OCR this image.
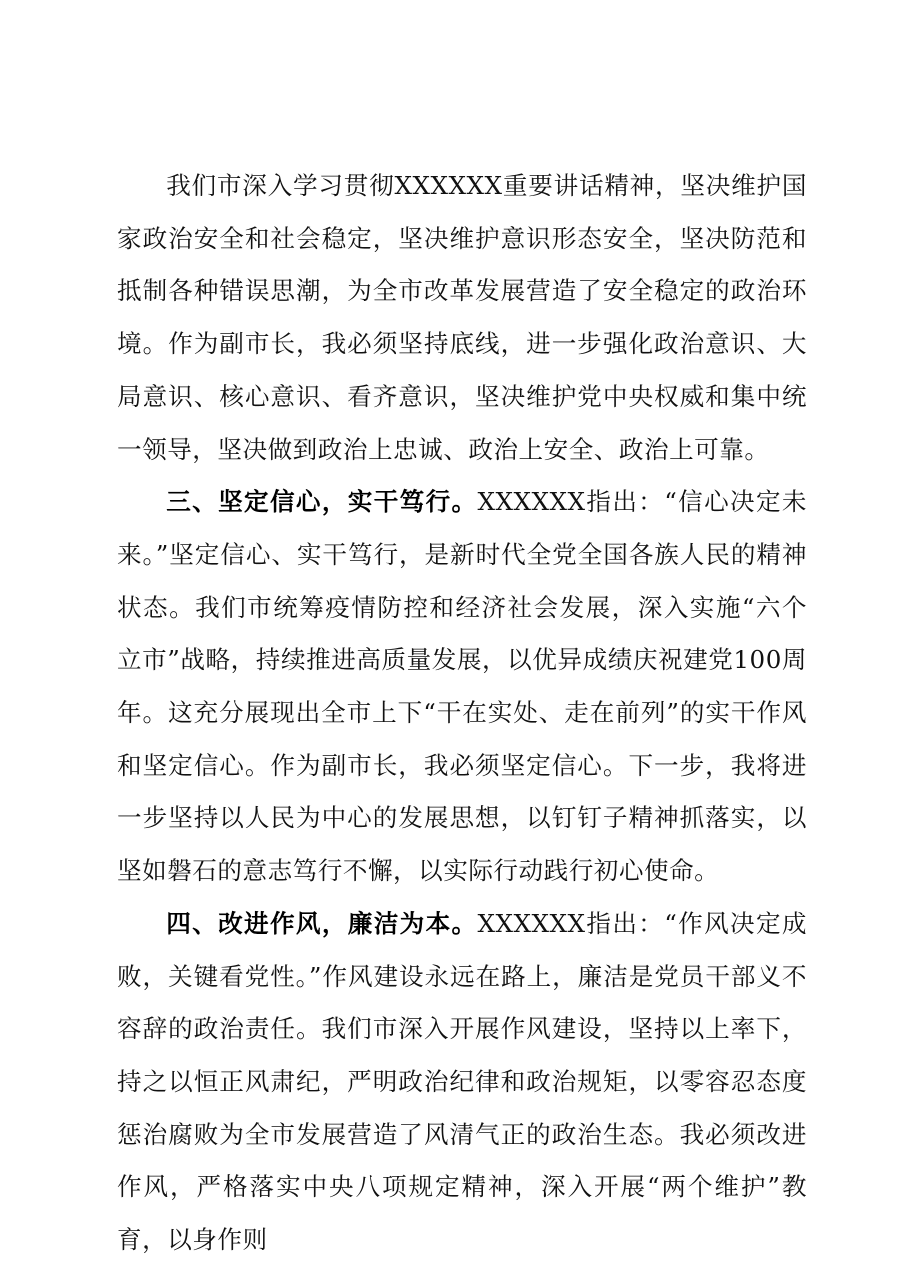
我们市深入学习贯彻XXXXXX重要讲话精神，坚决维护国家政治安全和社会稳定，坚决维护意识形态安全，坚决防范和抵制各种错误思潮，为全市改革发展营造了安全稳定的政治环境。作为副市长，我必须坚持底线，进一步强化政治意识、大局意识、核心意识、看齐意识，坚决维护党中央权威和集中统一领导，坚决做到政治上忠诚、政治上安全、政治上可靠。

三、坚定信心，实干笃行。XXXXXX指出：“信心决定未来。”坚定信心、实干笃行，是新时代全党全国各族人民的精神状态。我们市统筹疫情防控和经济社会发展，深入实施“六个立市”战略，持续推进高质量发展，以优异成绩庆祝建党100周年。这充分展现出全市上下“干在实处、走在前列”的实干作风和坚定信心。作为副市长，我必须坚定信心。下一步，我将进一步坚持以人民为中心的发展思想，以钉钉子精神抓落实，以坚如磐石的意志笃行不懈，以实际行动践行初心使命。

四、改进作风，廉洁为本。XXXXXX指出：“作风决定成败，关键看党性。”作风建设永远在路上，廉洁是党员干部义不容辞的政治责任。我们市深入开展作风建设，坚持以上率下，持之以恒正风肃纪，严明政治纪律和政治规矩，以零容忍态度惩治腐败为全市发展营造了风清气正的政治生态。我必须改进作风，严格落实中央八项规定精神，深入开展“两个维护”教育，以身作则
